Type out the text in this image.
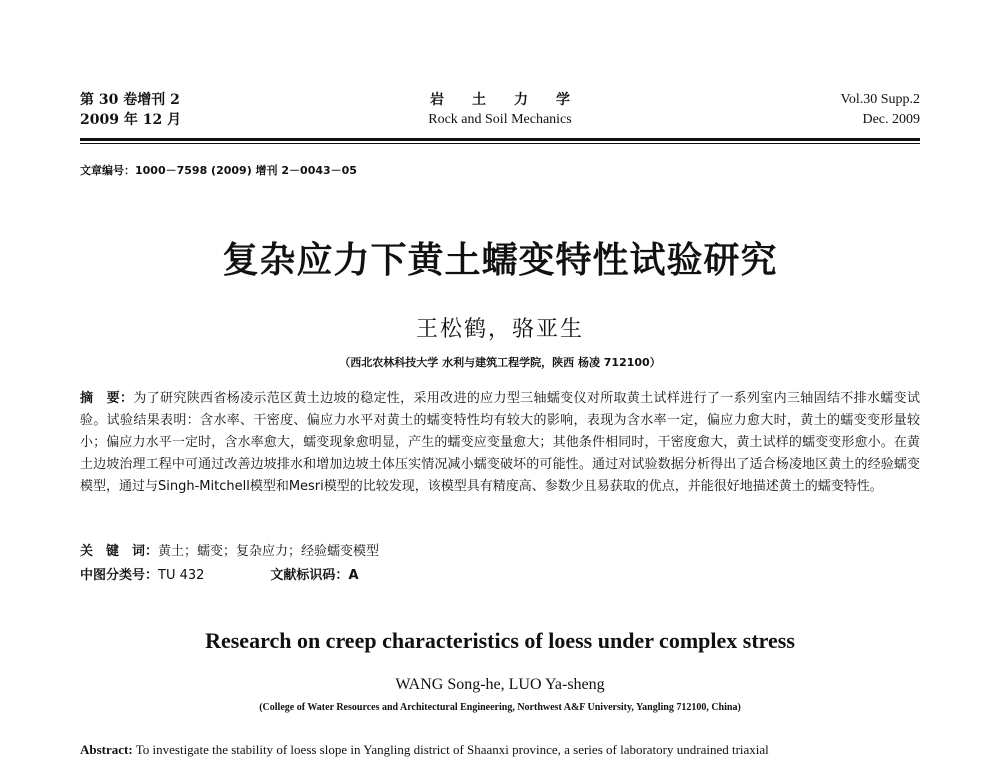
第 30 卷增刊 2
2009 年 12 月
岩土力学
Rock and Soil Mechanics
Vol.30 Supp.2
Dec. 2009
文章编号：1000－7598 (2009) 增刊 2－0043－05
复杂应力下黄土蠕变特性试验研究
王松鹤，骆亚生
（西北农林科技大学 水利与建筑工程学院，陕西 杨凌 712100）
摘　要：为了研究陕西省杨凌示范区黄土边坡的稳定性，采用改进的应力型三轴蠕变仪对所取黄土试样进行了一系列室内三轴固结不排水蠕变试验。试验结果表明：含水率、干密度、偏应力水平对黄土的蠕变特性均有较大的影响，表现为含水率一定，偏应力愈大时，黄土的蠕变变形量较小；偏应力水平一定时，含水率愈大，蠕变现象愈明显，产生的蠕变应变量愈大；其他条件相同时，干密度愈大，黄土试样的蠕变变形愈小。在黄土边坡治理工程中可通过改善边坡排水和增加边坡土体压实情况减小蠕变破坏的可能性。通过对试验数据分析得出了适合杨凌地区黄土的经验蠕变模型，通过与Singh-Mitchell模型和Mesri模型的比较发现，该模型具有精度高、参数少且易获取的优点，并能很好地描述黄土的蠕变特性。
关　键　词：黄土；蠕变；复杂应力；经验蠕变模型
中图分类号：TU 432	文献标识码：A
Research on creep characteristics of loess under complex stress
WANG Song-he, LUO Ya-sheng
(College of Water Resources and Architectural Engineering, Northwest A&F University, Yangling 712100, China)
Abstract: To investigate the stability of loess slope in Yangling district of Shaanxi province, a series of laboratory undrained triaxial
